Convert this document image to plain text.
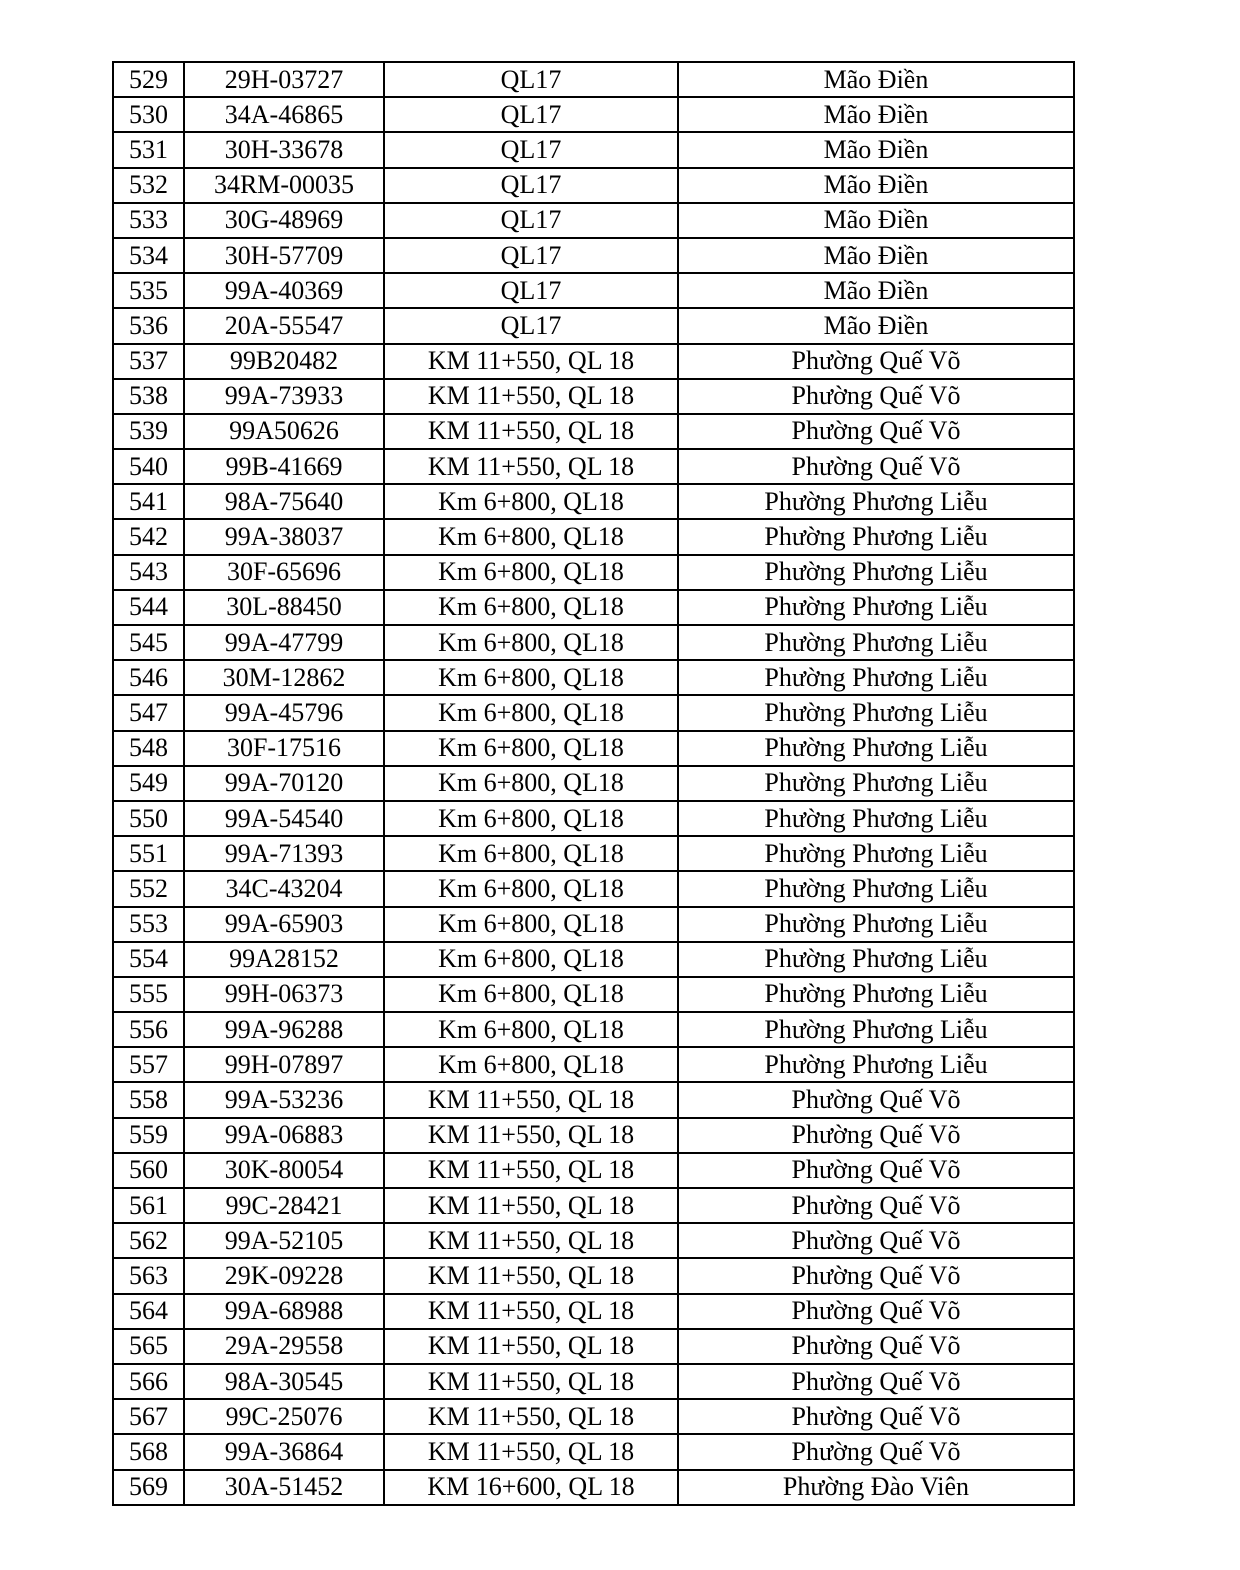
529	29H-03727	QL17	Mão Điền
530	34A-46865	QL17	Mão Điền
531	30H-33678	QL17	Mão Điền
532	34RM-00035	QL17	Mão Điền
533	30G-48969	QL17	Mão Điền
534	30H-57709	QL17	Mão Điền
535	99A-40369	QL17	Mão Điền
536	20A-55547	QL17	Mão Điền
537	99B20482	KM 11+550, QL 18	Phường Quế Võ
538	99A-73933	KM 11+550, QL 18	Phường Quế Võ
539	99A50626	KM 11+550, QL 18	Phường Quế Võ
540	99B-41669	KM 11+550, QL 18	Phường Quế Võ
541	98A-75640	Km 6+800, QL18	Phường Phương Liễu
542	99A-38037	Km 6+800, QL18	Phường Phương Liễu
543	30F-65696	Km 6+800, QL18	Phường Phương Liễu
544	30L-88450	Km 6+800, QL18	Phường Phương Liễu
545	99A-47799	Km 6+800, QL18	Phường Phương Liễu
546	30M-12862	Km 6+800, QL18	Phường Phương Liễu
547	99A-45796	Km 6+800, QL18	Phường Phương Liễu
548	30F-17516	Km 6+800, QL18	Phường Phương Liễu
549	99A-70120	Km 6+800, QL18	Phường Phương Liễu
550	99A-54540	Km 6+800, QL18	Phường Phương Liễu
551	99A-71393	Km 6+800, QL18	Phường Phương Liễu
552	34C-43204	Km 6+800, QL18	Phường Phương Liễu
553	99A-65903	Km 6+800, QL18	Phường Phương Liễu
554	99A28152	Km 6+800, QL18	Phường Phương Liễu
555	99H-06373	Km 6+800, QL18	Phường Phương Liễu
556	99A-96288	Km 6+800, QL18	Phường Phương Liễu
557	99H-07897	Km 6+800, QL18	Phường Phương Liễu
558	99A-53236	KM 11+550, QL 18	Phường Quế Võ
559	99A-06883	KM 11+550, QL 18	Phường Quế Võ
560	30K-80054	KM 11+550, QL 18	Phường Quế Võ
561	99C-28421	KM 11+550, QL 18	Phường Quế Võ
562	99A-52105	KM 11+550, QL 18	Phường Quế Võ
563	29K-09228	KM 11+550, QL 18	Phường Quế Võ
564	99A-68988	KM 11+550, QL 18	Phường Quế Võ
565	29A-29558	KM 11+550, QL 18	Phường Quế Võ
566	98A-30545	KM 11+550, QL 18	Phường Quế Võ
567	99C-25076	KM 11+550, QL 18	Phường Quế Võ
568	99A-36864	KM 11+550, QL 18	Phường Quế Võ
569	30A-51452	KM 16+600, QL 18	Phường Đào Viên
